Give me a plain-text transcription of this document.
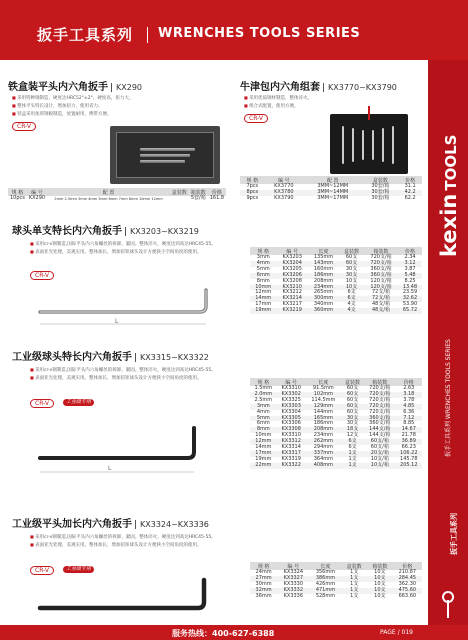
扳手工具系列 WRENCHES TOOLS SERIES
kexinTOOLS
扳手工具系列 WRENCHES TOOLS SERIES
扳手工具系列
铁盒装平头内六角扳手 KX290
■ 采用特种钢制造，硬度达HRC52°±2°，硬度高，扭力大。
■ 整体平头特长设计，增加扭力，使用省力。
■ 铁盒采用加厚钢板制造，放置耐用，携带方便。
CR-V
规 格	编 号	配 置	盒装数	箱装数	价格
10pcs	KX290	2mm 2.5mm 3mm 4mm 5mm 6mm 7mm 8mm 10mm 12mm		5套/箱	161.8
牛津包内六角组套 KX3770~KX3790
■ 采用优质钢材制造，整体淬火。
■ 组合式配置，使用方便。
CR-V
规 格	编 号	配 置	盒装数	价格
7pcs	KX3770	3MM~12MM	30套/箱	31.1
8pcs	KX3780	3MM~14MM	30套/箱	42.2
9pcs	KX3790	3MM~17MM	30套/箱	62.2
球头单支特长内六角扳手 KX3203~KX3219
■ 采用cr-v钢制造,国际平头内六角螺丝的拆卸、紧固。整体淬火，硬度达到高达HRC45-55。
■ 表面亚光处理，美观实用。整体加长，增加扭矩球头设计方便狭小空间角度的使用。
CR-V
L
规 格	编 号	长度	盒装数	箱装数	价格
3mm	KX3203	135mm	60支	720支/箱	2.34
4mm	KX3204	143mm	60支	720支/箱	3.12
5mm	KX3205	160mm	30支	360支/箱	3.87
6mm	KX3206	186mm	30支	360支/箱	5.48
8mm	KX3208	208mm	10支	120支/箱	8.25
10mm	KX3210	234mm	10支	120支/箱	13.48
12mm	KX3212	265mm	6支	72支/箱	23.59
14mm	KX3214	300mm	6支	72支/箱	32.62
17mm	KX3217	340mm	4支	48支/箱	53.90
19mm	KX3219	360mm	4支	48支/箱	65.72
工业级球头特长内六角扳手 KX3315~KX3322
■ 采用cr-v钢制造,国际平头内六角螺丝的拆卸、紧固。整体淬火，硬度达到高达HRC45-55。
■ 表面亚光处理，美观实用。整体加长，增加扭矩球头设计方便狭小空间角度的使用。
CR-V	工业级专用
L
规 格	编 号	长度	盒装数	箱装数	价格
1.5mm	KX3310	91.5mm	60支	720支/箱	2.63
2.0mm	KX3302	102mm	60支	720支/箱	3.18
2.5mm	KX3325	114.5mm	60支	720支/箱	3.78
3mm	KX3303	129mm	60支	720支/箱	4.85
4mm	KX3304	144mm	60支	720支/箱	6.36
5mm	KX3305	165mm	30支	360支/箱	7.12
6mm	KX3306	186mm	30支	360支/箱	8.85
8mm	KX3308	208mm	18支	144支/箱	14.67
10mm	KX3310	234mm	12支	144支/箱	21.78
12mm	KX3312	262mm	6支	60支/箱	36.89
14mm	KX3314	294mm	6支	60支/箱	66.23
17mm	KX3317	337mm	1支	20支/箱	106.22
19mm	KX3319	364mm	1支	10支/箱	145.78
22mm	KX3322	408mm	1支	10支/箱	205.12
工业级平头加长内六角扳手 KX3324~KX3336
■ 采用cr-v钢制造,国际平头内六角螺丝的拆卸、紧固。整体淬火，硬度达到高达HRC45-55。
■ 表面亚光处理，美观实用。整体加长，增加扭矩球头设计方便狭小空间角度的使用。
CR-V	工业级专用	规 格	编 号	长度	盒装数	箱装数	价格
24mm	KX3324	356mm	1支	10支	210.87
27mm	KX3327	386mm	1支	10支	284.45
30mm	KX3330	426mm	1支	10支	362.30
32mm	KX3332	471mm	1支	10支	475.60
36mm	KX3336	528mm	1支	10支	663.60
服务热线：400-627-6388	PAGE / 019
